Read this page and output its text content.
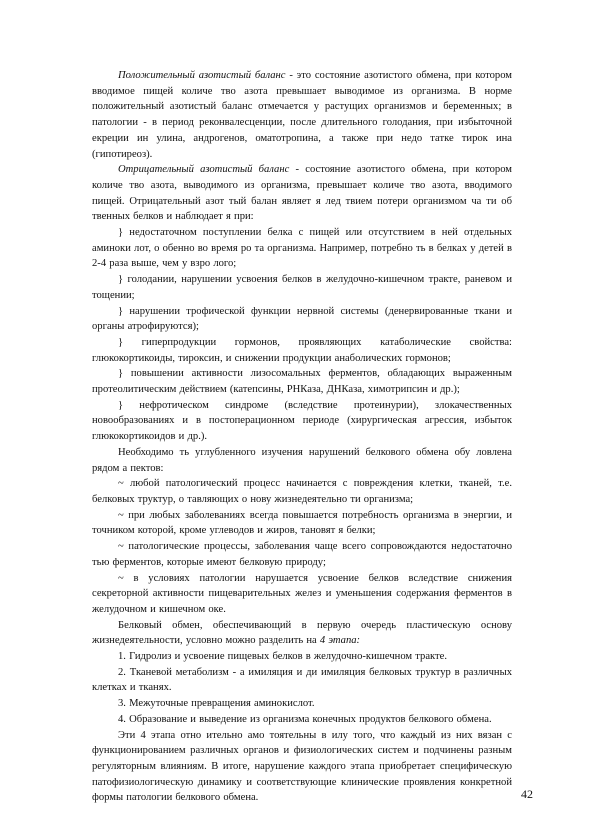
Положительный азотистый баланс - это состояние азотистого обмена, при котором вводимое пищей количе тво азота превышает выводимое из организма. В норме положительный азотистый баланс отмечается у растущих организмов и беременных; в патологии - в период реконвалесценции, после длительного голодания, при избыточной екреции ин улина, андрогенов, оматотропина, а также при недо татке тирок ина (гипотиреоз).

Отрицательный азотистый баланс - состояние азотистого обмена, при котором количе тво азота, выводимого из организма, превышает количе тво азота, вводимого пищей. Отрицательный азот тый балан являет я лед твием потери организмом ча ти об твенных белков и наблюдает я при:

} недостаточном поступлении белка с пищей или отсутствием в ней отдельных аминоки лот, о обенно во время ро та организма. Например, потребно ть в белках у детей в 2-4 раза выше, чем у взро лого;

} голодании, нарушении усвоения белков в желудочно-кишечном тракте, раневом и тощении;

} нарушении трофической функции нервной системы (денервированные ткани и органы атрофируются);

} гиперпродукции гормонов, проявляющих катаболические свойства: глюкокортикоиды, тироксин, и снижении продукции анаболических гормонов;

} повышении активности лизосомальных ферментов, обладающих выраженным протеолитическим действием (катепсины, РНКаза, ДНКаза, химотрипсин и др.);

} нефротическом синдроме (вследствие протеинурии), злокачественных новообразованиях и в постоперационном периоде (хирургическая агрессия, избыток глюкокортикоидов и др.).

Необходимо ть углубленного изучения нарушений белкового обмена обу ловлена рядом а пектов:

~ любой патологический процесс начинается с повреждения клетки, тканей, т.е. белковых труктур, о тавляющих о нову жизнедеятельно ти организма;

~ при любых заболеваниях всегда повышается потребность организма в энергии, и точником которой, кроме углеводов и жиров, тановят я белки;

~ патологические процессы, заболевания чаще всего сопровождаются недостаточно тью ферментов, которые имеют белковую природу;

~ в условиях патологии нарушается усвоение белков вследствие снижения секреторной активности пищеварительных желез и уменьшения содержания ферментов в желудочном и кишечном оке.

Белковый обмен, обеспечивающий в первую очередь пластическую основу жизнедеятельности, условно можно разделить на 4 этапа:

1. Гидролиз и усвоение пищевых белков в желудочно-кишечном тракте.

2. Тканевой метаболизм - а имиляция и ди имиляция белковых труктур в различных клетках и тканях.

3. Межуточные превращения аминокислот.

4. Образование и выведение из организма конечных продуктов белкового обмена.

Эти 4 этапа отно ительно амо тоятельны в илу того, что каждый из них вязан с функционированием различных органов и физиологических систем и подчинены разным регуляторным влияниям. В итоге, нарушение каждого этапа приобретает специфическую патофизиологическую динамику и соответствующие клинические проявления конкретной формы патологии белкового обмена.	42
